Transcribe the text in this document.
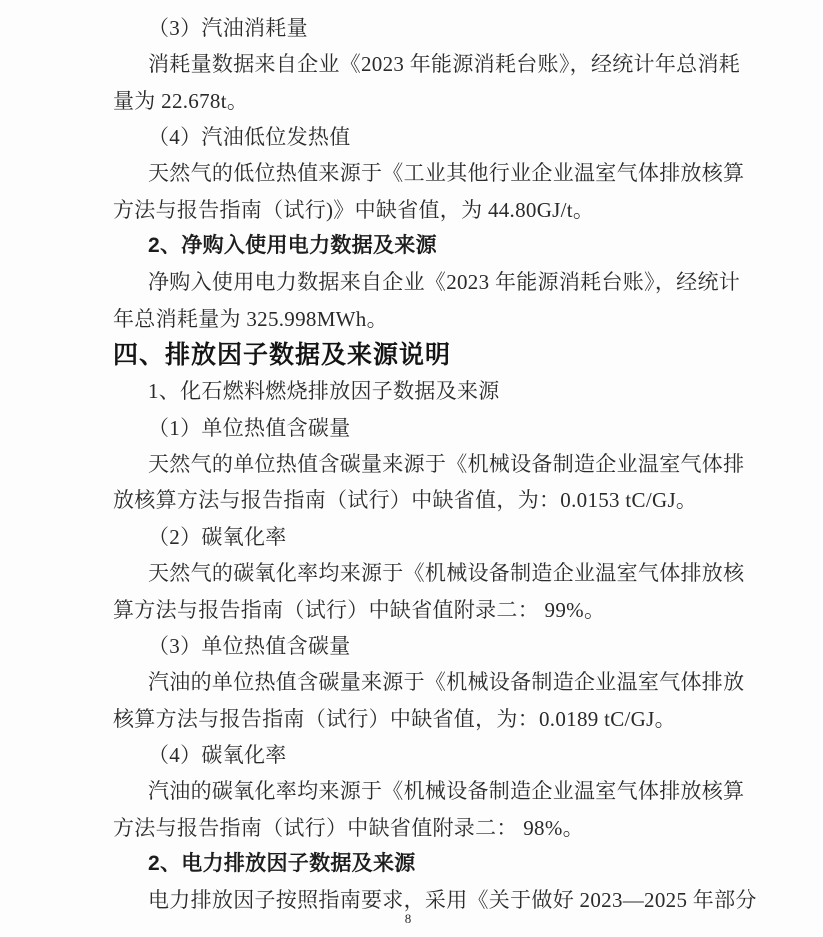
（3）汽油消耗量
消耗量数据来自企业《2023 年能源消耗台账》，经统计年总消耗
量为 22.678t。
（4）汽油低位发热值
天然气的低位热值来源于《工业其他行业企业温室气体排放核算
方法与报告指南（试行)》中缺省值，为 44.80GJ/t。
2、净购入使用电力数据及来源
净购入使用电力数据来自企业《2023 年能源消耗台账》，经统计
年总消耗量为 325.998MWh。
四、排放因子数据及来源说明
1、化石燃料燃烧排放因子数据及来源
（1）单位热值含碳量
天然气的单位热值含碳量来源于《机械设备制造企业温室气体排
放核算方法与报告指南（试行）中缺省值，为：0.0153 tC/GJ。
（2）碳氧化率
天然气的碳氧化率均来源于《机械设备制造企业温室气体排放核
算方法与报告指南（试行）中缺省值附录二： 99%。
（3）单位热值含碳量
汽油的单位热值含碳量来源于《机械设备制造企业温室气体排放
核算方法与报告指南（试行）中缺省值，为：0.0189 tC/GJ。
（4）碳氧化率
汽油的碳氧化率均来源于《机械设备制造企业温室气体排放核算
方法与报告指南（试行）中缺省值附录二： 98%。
2、电力排放因子数据及来源
电力排放因子按照指南要求，采用《关于做好 2023—2025 年部分
8
